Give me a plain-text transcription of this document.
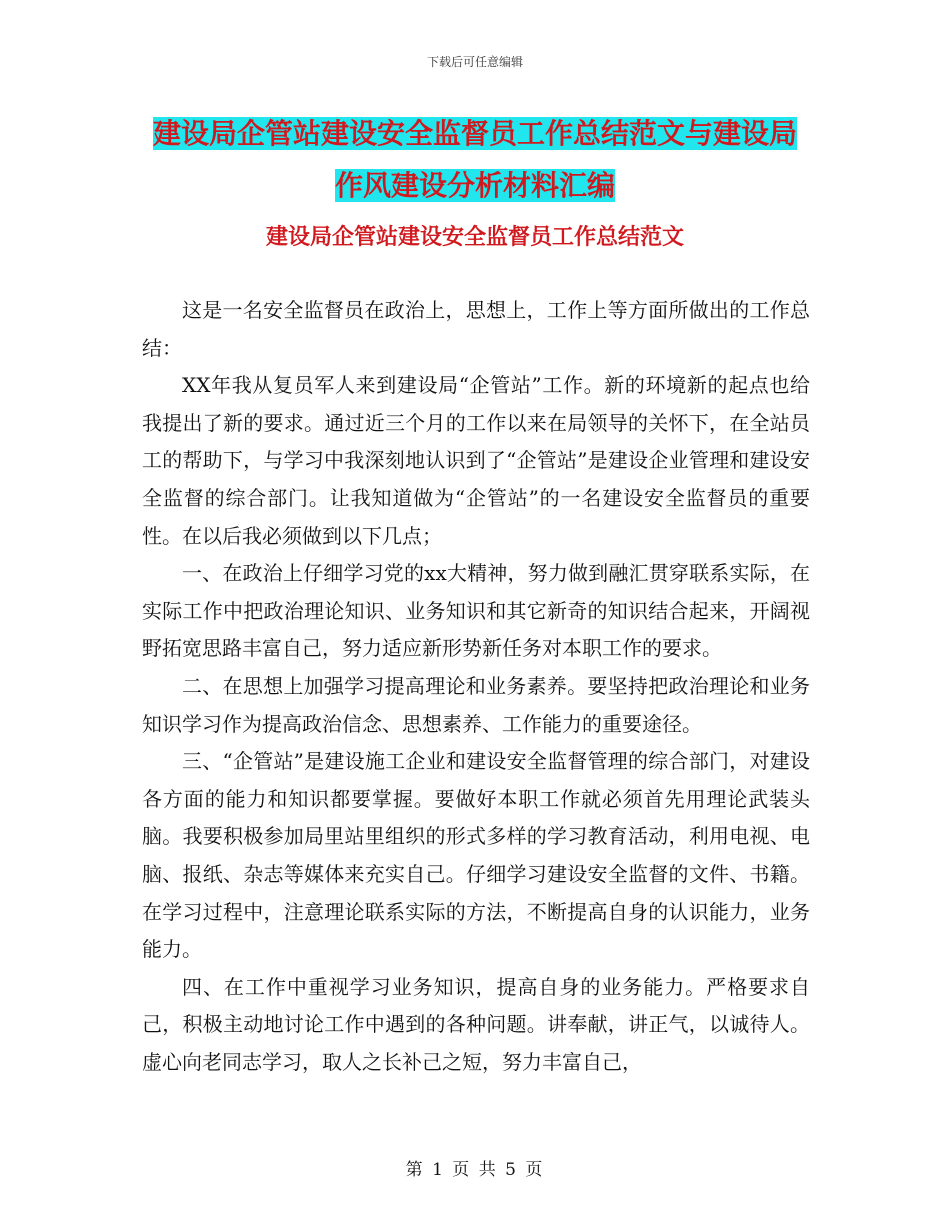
下载后可任意编辑
建设局企管站建设安全监督员工作总结范文与建设局作风建设分析材料汇编
建设局企管站建设安全监督员工作总结范文

这是一名安全监督员在政治上，思想上，工作上等方面所做出的工作总结：

XX年我从复员军人来到建设局“企管站”工作。新的环境新的起点也给我提出了新的要求。通过近三个月的工作以来在局领导的关怀下，在全站员工的帮助下，与学习中我深刻地认识到了“企管站”是建设企业管理和建设安全监督的综合部门。让我知道做为“企管站”的一名建设安全监督员的重要性。在以后我必须做到以下几点；

一、在政治上仔细学习党的xx大精神，努力做到融汇贯穿联系实际，在实际工作中把政治理论知识、业务知识和其它新奇的知识结合起来，开阔视野拓宽思路丰富自己，努力适应新形势新任务对本职工作的要求。

二、在思想上加强学习提高理论和业务素养。要坚持把政治理论和业务知识学习作为提高政治信念、思想素养、工作能力的重要途径。

三、“企管站”是建设施工企业和建设安全监督管理的综合部门，对建设各方面的能力和知识都要掌握。要做好本职工作就必须首先用理论武装头脑。我要积极参加局里站里组织的形式多样的学习教育活动，利用电视、电脑、报纸、杂志等媒体来充实自己。仔细学习建设安全监督的文件、书籍。在学习过程中，注意理论联系实际的方法，不断提高自身的认识能力，业务能力。

四、在工作中重视学习业务知识，提高自身的业务能力。严格要求自己，积极主动地讨论工作中遇到的各种问题。讲奉献，讲正气，以诚待人。虚心向老同志学习，取人之长补己之短，努力丰富自己，

第 1 页 共 5 页
